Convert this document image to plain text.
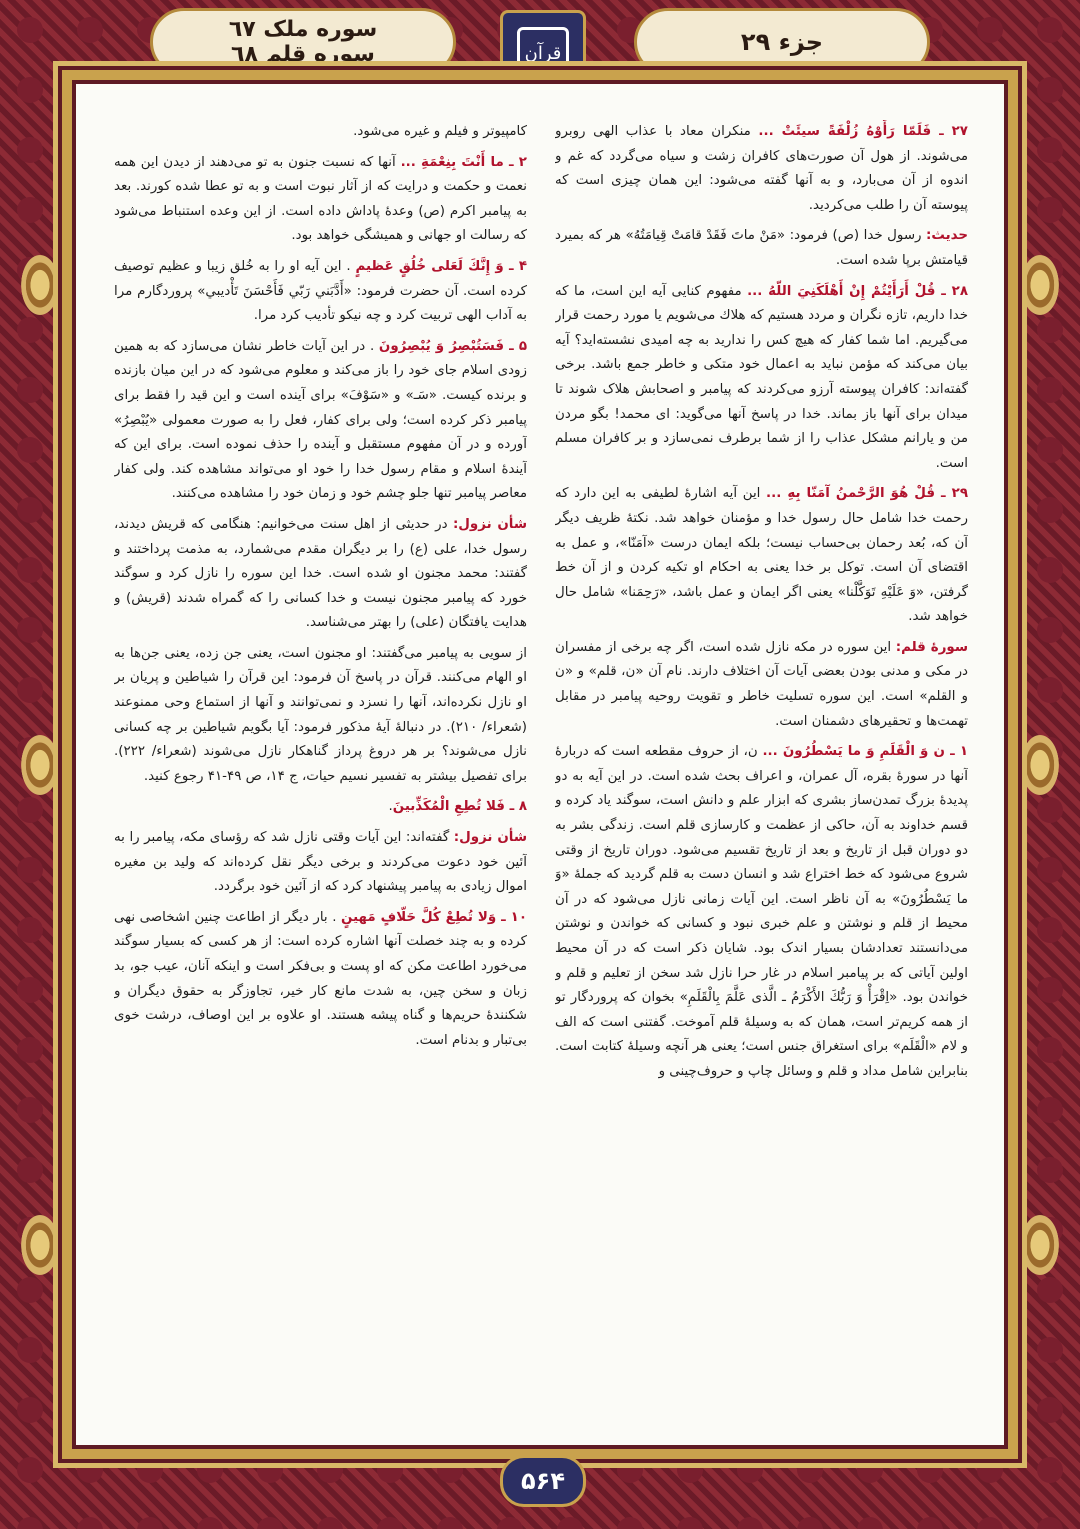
جزء ۲۹
سوره ملک ٦٧
سوره قلم ٦٨	قرآن

۲۷ ـ فَلَمّا رَأَوْهُ زُلْفَةً سيئَتْ ... منكران معاد با عذاب الهى روبرو مى‌شوند. از هول آن صورت‌هاى كافران زشت و سياه مى‌گردد كه غم و اندوه از آن مى‌بارد، و به آنها گفته مى‌شود: اين همان چيزى است كه پيوسته آن را طلب مى‌كرديد.

حديث: رسول خدا (ص) فرمود: «مَنْ ماتَ فَقَدْ قامَتْ قِيامَتُهُ» هر كه بميرد قيامتش برپا شده است.

۲۸ ـ قُلْ أَرَأَيْتُمْ إِنْ أَهْلَكَنِيَ اللّهُ ... مفهوم كنايى آيه اين است، ما كه خدا داريم، تازه نگران و مردد هستيم كه هلاك مى‌شويم يا مورد رحمت قرار مى‌گيريم. اما شما كفار كه هيچ كس را نداريد به چه اميدى نشسته‌ايد؟ آيه بيان مى‌كند كه مؤمن نبايد به اعمال خود متكى و خاطر جمع باشد. برخى گفته‌اند: كافران پيوسته آرزو مى‌كردند كه پيامبر و اصحابش هلاک شوند تا ميدان براى آنها باز بماند. خدا در پاسخ آنها مى‌گويد: اى محمد! بگو مردن من و يارانم مشكل عذاب را از شما برطرف نمى‌سازد و بر كافران مسلم است.

۲۹ ـ قُلْ هُوَ الرَّحْمنُ آمَنّا بِهِ ... اين آيه اشارهٔ لطيفى به اين دارد كه رحمت خدا شامل حال رسول خدا و مؤمنان خواهد شد. نكتهٔ ظريف ديگر آن كه، بُعد رحمان بى‌حساب نيست؛ بلكه ايمان درست «آمَنّا»، و عمل به اقتضاى آن است. توكل بر خدا يعنى به احكام او تكيه كردن و از آن خط گرفتن، «وَ عَلَيْهِ تَوَكَّلْنا» يعنى اگر ايمان و عمل باشد، «رَحِمَنا» شامل حال خواهد شد.

سورهٔ قلم: اين سوره در مكه نازل شده است، اگر چه برخى از مفسران در مكى و مدنى بودن بعضى آيات آن اختلاف دارند. نام آن «ن، قلم» و «ن و القلم» است. اين سوره تسليت خاطر و تقويت روحيه پيامبر در مقابل تهمت‌ها و تحقيرهاى دشمنان است.

۱ ـ ن وَ الْقَلَمِ وَ ما يَسْطُرُونَ ... ن، از حروف مقطعه است كه دربارهٔ آنها در سورهٔ بقره، آل عمران، و اعراف بحث شده است. در اين آيه به دو پديدهٔ بزرگ تمدن‌ساز بشرى كه ابزار علم و دانش است، سوگند ياد كرده و قسم خداوند به آن، حاكى از عظمت و كارسازى قلم است. زندگى بشر به دو دوران قبل از تاريخ و بعد از تاريخ تقسيم مى‌شود. دوران تاريخ از وقتى شروع مى‌شود كه خط اختراع شد و انسان دست به قلم گرديد كه جملهٔ «وَ ما يَسْطُرُونَ» به آن ناظر است. اين آيات زمانى نازل مى‌شود كه در آن محيط از قلم و نوشتن و علم خبرى نبود و كسانى كه خواندن و نوشتن مى‌دانستند تعدادشان بسيار اندک بود. شايان ذكر است كه در آن محيط اولين آياتى كه بر پيامبر اسلام در غار حرا نازل شد سخن از تعليم و قلم و خواندن بود. «اِقْرَأْ وَ رَبُّكَ الأَكْرَمُ ـ الَّذى عَلَّمَ بِالْقَلَمِ» بخوان كه پروردگار تو از همه كريم‌تر است، همان كه به وسيلهٔ قلم آموخت. گفتنى است كه الف و لام «الْقَلَم» براى استغراق جنس است؛ يعنى هر آنچه وسيلهٔ كتابت است. بنابراين شامل مداد و قلم و وسائل چاپ و حروف‌چينى و

كامپيوتر و فيلم و غيره مى‌شود.

۲ ـ ما أَنْتَ بِنِعْمَةِ ... آنها كه نسبت جنون به تو مى‌دهند از ديدن اين همه نعمت و حكمت و درايت كه از آثار نبوت است و به تو عطا شده كورند. بعد به پيامبر اكرم (ص) وعدهٔ پاداش داده است. از اين وعده استنباط مى‌شود كه رسالت او جهانى و هميشگى خواهد بود.

۴ ـ وَ إِنَّكَ لَعَلى خُلُقٍ عَظيمٍ . اين آيه او را به خُلق زيبا و عظيم توصيف كرده است. آن حضرت فرمود: «أَدَّبَني رَبّي فَأَحْسَنَ تَأْديبي» پروردگارم مرا به آداب الهى تربيت كرد و چه نيكو تأديب كرد مرا.

۵ ـ فَسَتُبْصِرُ وَ يُبْصِرُونَ . در اين آيات خاطر نشان مى‌سازد كه به همين زودى اسلام جاى خود را باز مى‌كند و معلوم مى‌شود كه در اين ميان بازنده و برنده كيست. «سَـ» و «سَوْفَ» براى آينده است و اين قيد را فقط براى پيامبر ذكر كرده است؛ ولى براى كفار، فعل را به صورت معمولى «يُبْصِرُ» آورده و در آن مفهوم مستقبل و آينده را حذف نموده است. براى اين كه آيندهٔ اسلام و مقام رسول خدا را خود او مى‌تواند مشاهده كند. ولى كفار معاصر پيامبر تنها جلو چشم خود و زمان خود را مشاهده مى‌كنند.

شأن نزول: در حديثى از اهل سنت مى‌خوانيم: هنگامى كه قريش ديدند، رسول خدا، على (ع) را بر ديگران مقدم مى‌شمارد، به مذمت پرداختند و گفتند: محمد مجنون او شده است. خدا اين سوره را نازل كرد و سوگند خورد كه پيامبر مجنون نيست و خدا كسانى را كه گمراه شدند (قريش) و هدايت يافتگان (على) را بهتر مى‌شناسد.

از سويى به پيامبر مى‌گفتند: او مجنون است، يعنى جن زده، يعنى جن‌ها به او الهام مى‌كنند. قرآن در پاسخ آن فرمود: اين قرآن را شياطين و پريان بر او نازل نكرده‌اند، آنها را نسزد و نمى‌توانند و آنها از استماع وحى ممنوعند (شعراء/ ۲۱۰). در دنبالهٔ آيهٔ مذكور فرمود: آيا بگويم شياطين بر چه كسانى نازل مى‌شوند؟ بر هر دروغ پرداز گناهكار نازل مى‌شوند (شعراء/ ۲۲۲). براى تفصيل بيشتر به تفسير نسيم حيات، ج ۱۴، ص ۴۹-۴۱ رجوع كنيد.

۸ ـ فَلا تُطِعِ الْمُكَذِّبينَ.

شأن نزول: گفته‌اند: اين آيات وقتى نازل شد كه رؤساى مكه، پيامبر را به آئين خود دعوت مى‌كردند و برخى ديگر نقل كرده‌اند كه وليد بن مغيره اموال زيادى به پيامبر پيشنهاد كرد كه از آئين خود برگردد.

۱۰ ـ وَلا تُطِعْ كُلَّ حَلّافٍ مَهينٍ . بار ديگر از اطاعت چنين اشخاصى نهى كرده و به چند خصلت آنها اشاره كرده است: از هر كسى كه بسيار سوگند مى‌خورد اطاعت مكن كه او پست و بى‌فكر است و اينكه آنان، عيب جو، بد زبان و سخن چين، به شدت مانع كار خير، تجاوزگر به حقوق ديگران و شكنندهٔ حريم‌ها و گناه پيشه هستند. او علاوه بر اين اوصاف، درشت خوى بى‌تبار و بدنام است.

۵۶۴
